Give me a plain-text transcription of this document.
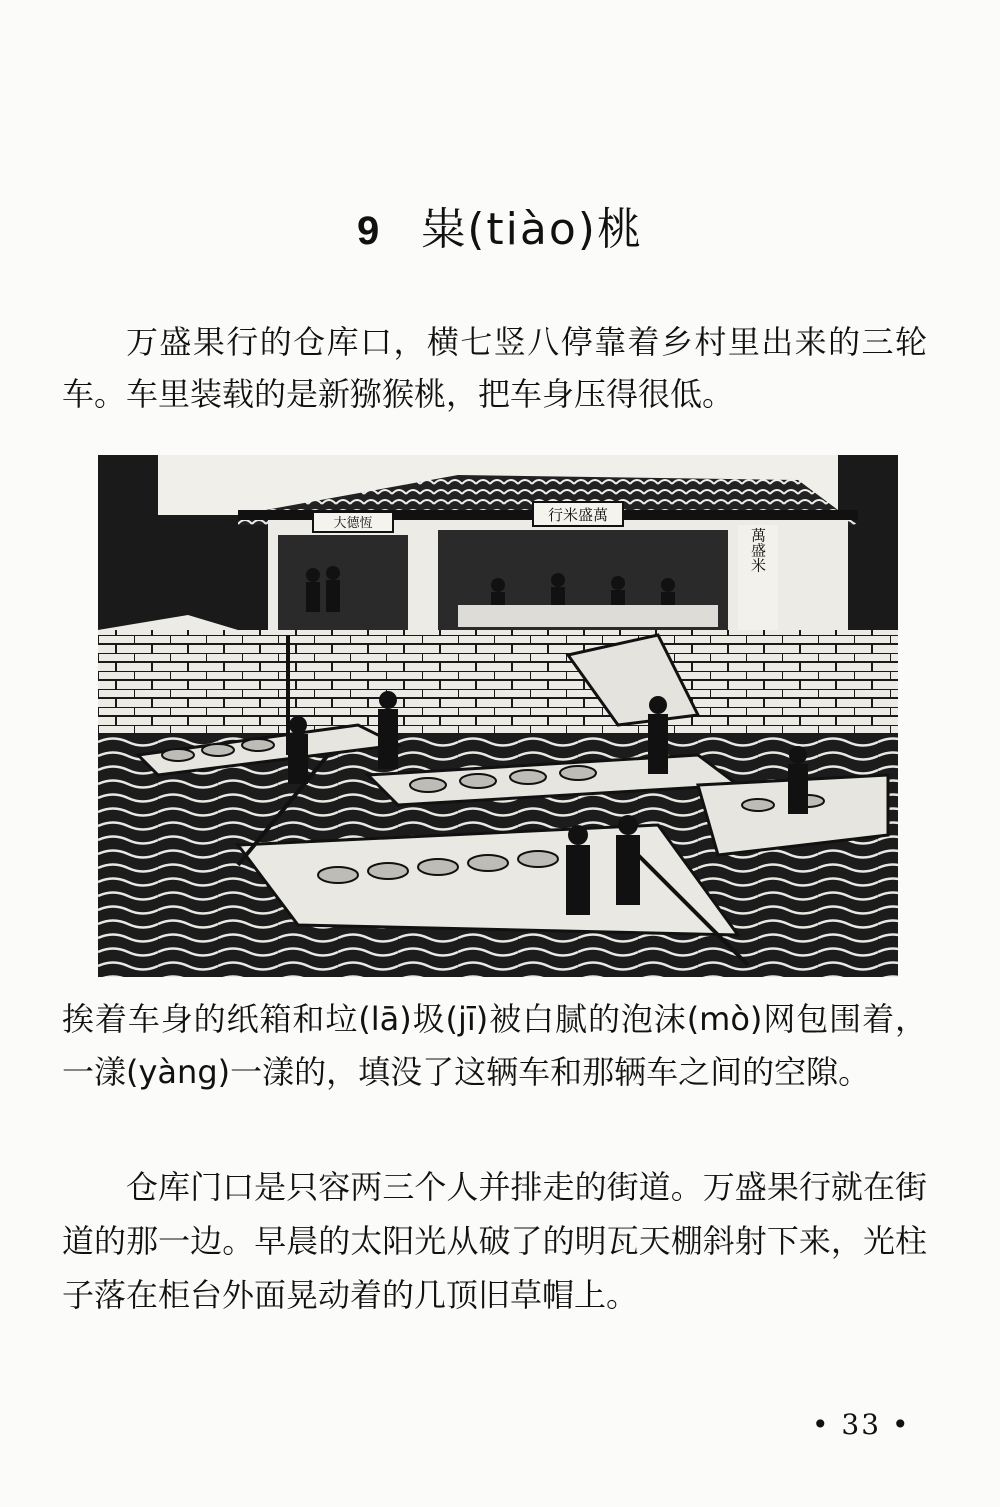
9 粜(tiào)桃

万盛果行的仓库口，横七竖八停靠着乡村里出来的三轮车。车里装载的是新猕猴桃，把车身压得很低。

大德恆	行米盛萬
萬盛米

挨着车身的纸箱和垃(lā)圾(jī)被白腻的泡沫(mò)网包围着，一漾(yàng)一漾的，填没了这辆车和那辆车之间的空隙。

仓库门口是只容两三个人并排走的街道。万盛果行就在街道的那一边。早晨的太阳光从破了的明瓦天棚斜射下来，光柱子落在柜台外面晃动着的几顶旧草帽上。

• 33 •
